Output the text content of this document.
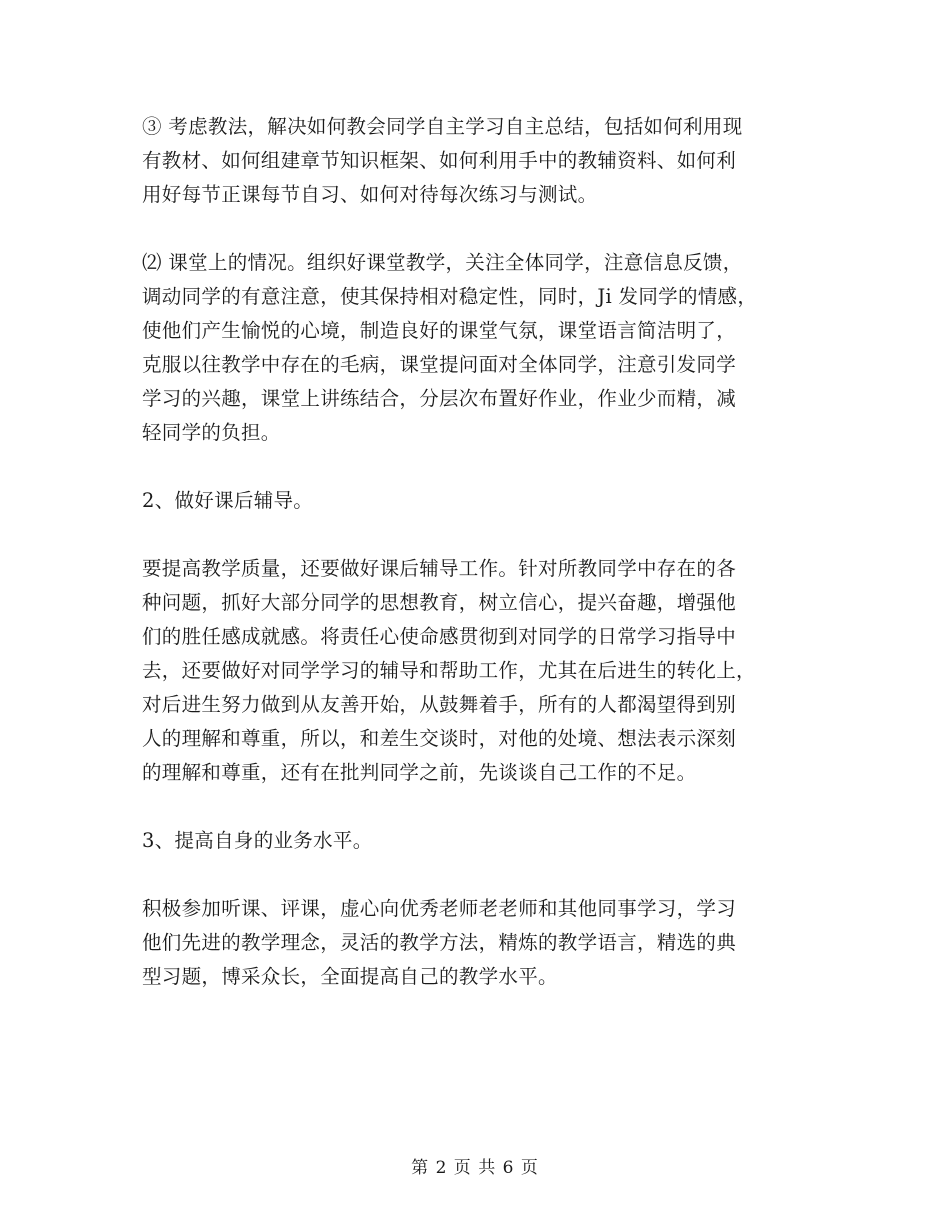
③ 考虑教法，解决如何教会同学自主学习自主总结，包括如何利用现
有教材、如何组建章节知识框架、如何利用手中的教辅资料、如何利
用好每节正课每节自习、如何对待每次练习与测试。

⑵ 课堂上的情况。组织好课堂教学，关注全体同学，注意信息反馈，
调动同学的有意注意，使其保持相对稳定性，同时，Ji 发同学的情感，
使他们产生愉悦的心境，制造良好的课堂气氛，课堂语言简洁明了，
克服以往教学中存在的毛病，课堂提问面对全体同学，注意引发同学
学习的兴趣，课堂上讲练结合，分层次布置好作业，作业少而精，减
轻同学的负担。

2、做好课后辅导。

要提高教学质量，还要做好课后辅导工作。针对所教同学中存在的各
种问题，抓好大部分同学的思想教育，树立信心，提兴奋趣，增强他
们的胜任感成就感。将责任心使命感贯彻到对同学的日常学习指导中
去，还要做好对同学学习的辅导和帮助工作，尤其在后进生的转化上，
对后进生努力做到从友善开始，从鼓舞着手，所有的人都渴望得到别
人的理解和尊重，所以，和差生交谈时，对他的处境、想法表示深刻
的理解和尊重，还有在批判同学之前，先谈谈自己工作的不足。

3、提高自身的业务水平。

积极参加听课、评课，虚心向优秀老师老老师和其他同事学习，学习
他们先进的教学理念，灵活的教学方法，精炼的教学语言，精选的典
型习题，博采众长，全面提高自己的教学水平。

第 2 页 共 6 页
